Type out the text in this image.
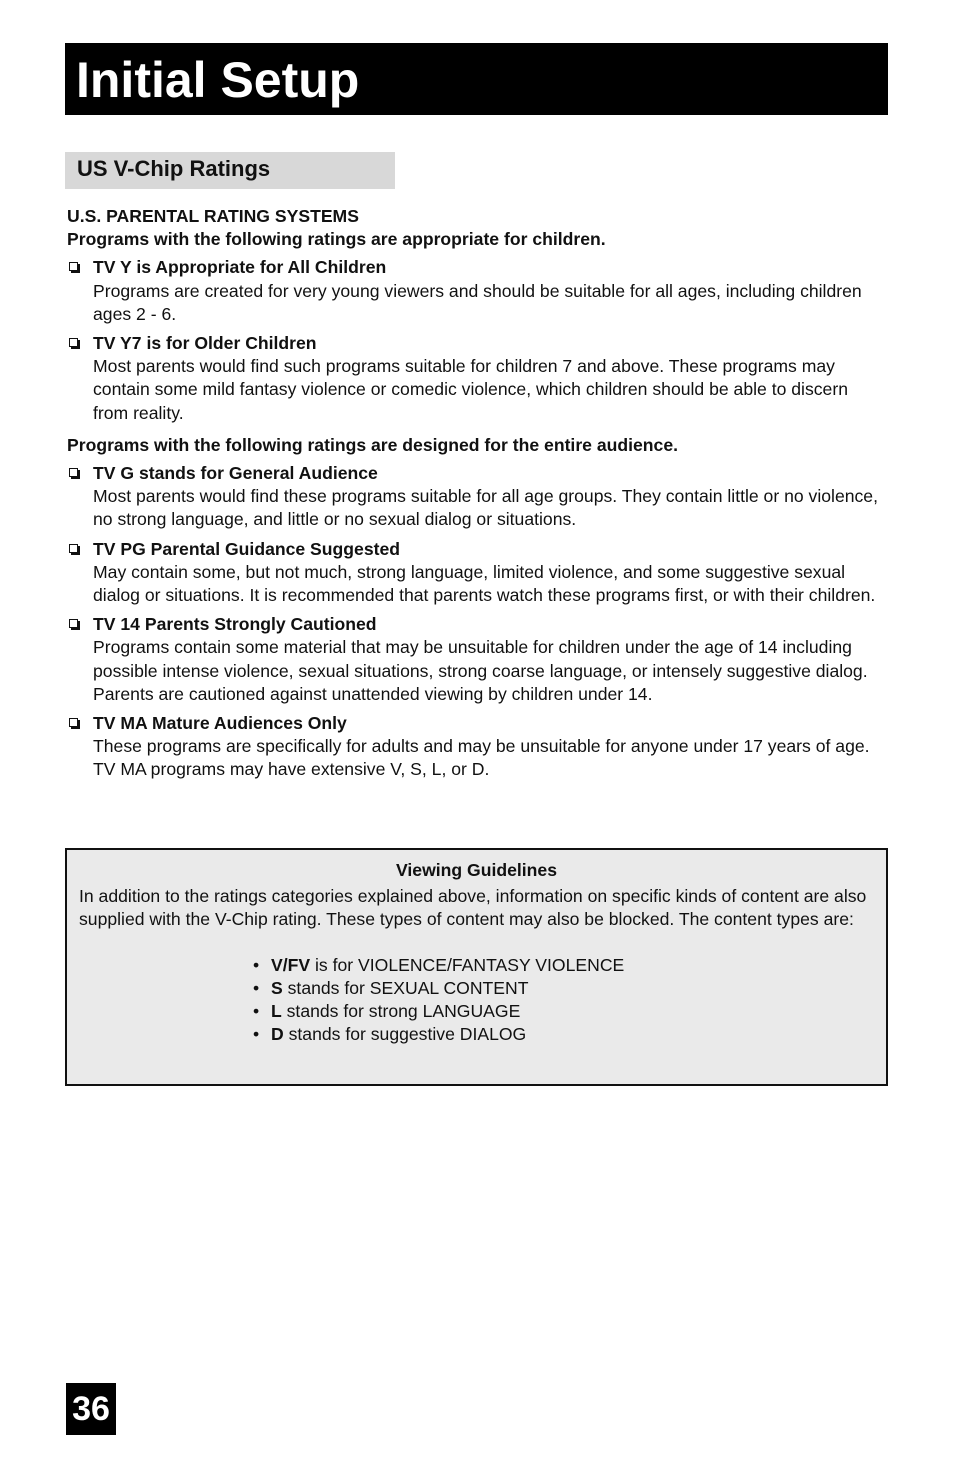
Initial Setup
US V-Chip Ratings

U.S. PARENTAL RATING SYSTEMS

Programs with the following ratings are appropriate for children.

TV Y is Appropriate for All Children
Programs are created for very young viewers and should be suitable for all ages, including children ages 2 - 6.
TV Y7 is for Older Children
Most parents would find such programs suitable for children 7 and above. These programs may contain some mild fantasy violence or comedic violence, which children should be able to discern from reality.

Programs with the following ratings are designed for the entire audience.

TV G stands for General Audience
Most parents would find these programs suitable for all age groups. They contain little or no violence, no strong language, and little or no sexual dialog or situations.
TV PG Parental Guidance Suggested
May contain some, but not much, strong language, limited violence, and some suggestive sexual dialog or situations. It is recommended that parents watch these programs first, or with their children.
TV 14 Parents Strongly Cautioned
Programs contain some material that may be unsuitable for children under the age of 14 including possible intense violence, sexual situations, strong coarse language, or intensely suggestive dialog. Parents are cautioned against unattended viewing by children under 14.
TV MA Mature Audiences Only
These programs are specifically for adults and may be unsuitable for anyone under 17 years of age. TV MA programs may have extensive V, S, L, or D.

Viewing Guidelines

In addition to the ratings categories explained above, information on specific kinds of content are also supplied with the V-Chip rating. These types of content may also be blocked. The content types are:

• V/FV is for VIOLENCE/FANTASY VIOLENCE
• S stands for SEXUAL CONTENT
• L stands for strong LANGUAGE
• D stands for suggestive DIALOG
36
